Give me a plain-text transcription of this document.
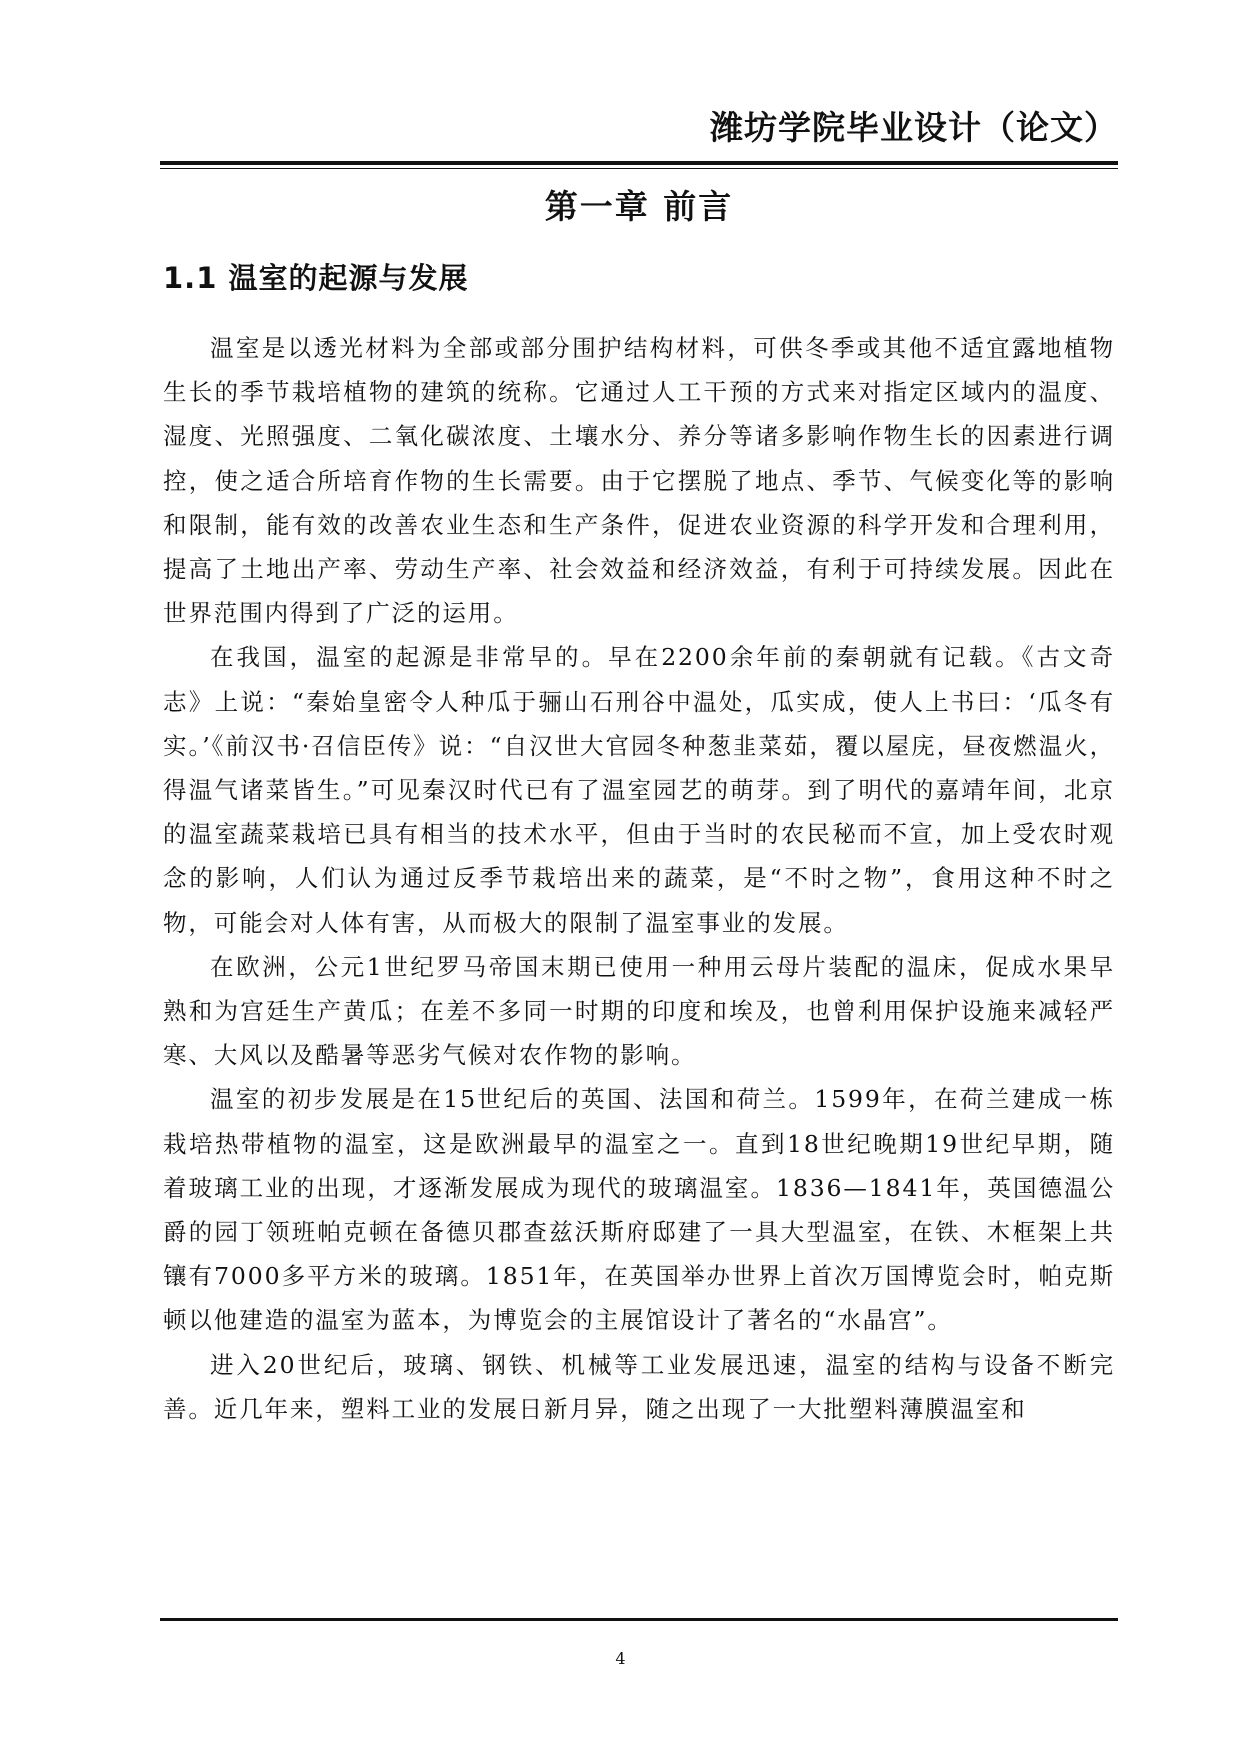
潍坊学院毕业设计（论文）
第一章 前言
1.1 温室的起源与发展

温室是以透光材料为全部或部分围护结构材料，可供冬季或其他不适宜露地植物生长的季节栽培植物的建筑的统称。它通过人工干预的方式来对指定区域内的温度、湿度、光照强度、二氧化碳浓度、土壤水分、养分等诸多影响作物生长的因素进行调控，使之适合所培育作物的生长需要。由于它摆脱了地点、季节、气候变化等的影响和限制，能有效的改善农业生态和生产条件，促进农业资源的科学开发和合理利用，提高了土地出产率、劳动生产率、社会效益和经济效益，有利于可持续发展。因此在世界范围内得到了广泛的运用。

在我国，温室的起源是非常早的。早在2200余年前的秦朝就有记载。《古文奇志》上说：“秦始皇密令人种瓜于骊山石刑谷中温处，瓜实成，使人上书曰：‘瓜冬有实。’《前汉书·召信臣传》说：“自汉世大官园冬种葱韭菜茹，覆以屋庑，昼夜燃温火，得温气诸菜皆生。”可见秦汉时代已有了温室园艺的萌芽。到了明代的嘉靖年间，北京的温室蔬菜栽培已具有相当的技术水平，但由于当时的农民秘而不宣，加上受农时观念的影响，人们认为通过反季节栽培出来的蔬菜，是“不时之物”，食用这种不时之物，可能会对人体有害，从而极大的限制了温室事业的发展。

在欧洲，公元1世纪罗马帝国末期已使用一种用云母片装配的温床，促成水果早熟和为宫廷生产黄瓜；在差不多同一时期的印度和埃及，也曾利用保护设施来减轻严寒、大风以及酷暑等恶劣气候对农作物的影响。

温室的初步发展是在15世纪后的英国、法国和荷兰。1599年，在荷兰建成一栋栽培热带植物的温室，这是欧洲最早的温室之一。直到18世纪晚期19世纪早期，随着玻璃工业的出现，才逐渐发展成为现代的玻璃温室。1836—1841年，英国德温公爵的园丁领班帕克顿在备德贝郡查兹沃斯府邸建了一具大型温室，在铁、木框架上共镶有7000多平方米的玻璃。1851年，在英国举办世界上首次万国博览会时，帕克斯顿以他建造的温室为蓝本，为博览会的主展馆设计了著名的“水晶宫”。

进入20世纪后，玻璃、钢铁、机械等工业发展迅速，温室的结构与设备不断完善。近几年来，塑料工业的发展日新月异，随之出现了一大批塑料薄膜温室和

4
